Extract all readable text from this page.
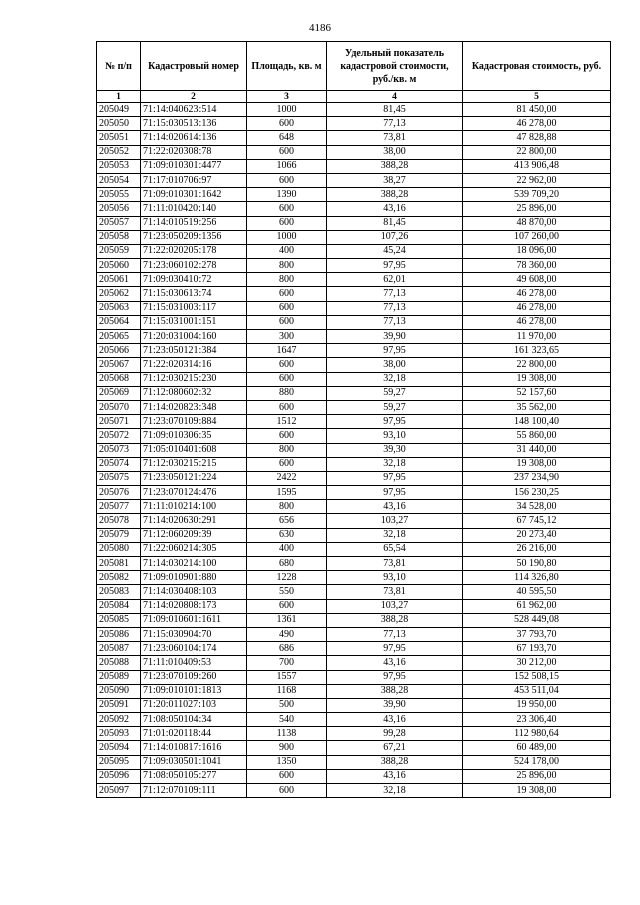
4186
№ п/п	Кадастровый номер	Площадь, кв. м	Удельный показатель кадастровой стоимости, руб./кв. м	Кадастровая стоимость, руб.
1	2	3	4	5
205049	71:14:040623:514	1000	81,45	81 450,00
205050	71:15:030513:136	600	77,13	46 278,00
205051	71:14:020614:136	648	73,81	47 828,88
205052	71:22:020308:78	600	38,00	22 800,00
205053	71:09:010301:4477	1066	388,28	413 906,48
205054	71:17:010706:97	600	38,27	22 962,00
205055	71:09:010301:1642	1390	388,28	539 709,20
205056	71:11:010420:140	600	43,16	25 896,00
205057	71:14:010519:256	600	81,45	48 870,00
205058	71:23:050209:1356	1000	107,26	107 260,00
205059	71:22:020205:178	400	45,24	18 096,00
205060	71:23:060102:278	800	97,95	78 360,00
205061	71:09:030410:72	800	62,01	49 608,00
205062	71:15:030613:74	600	77,13	46 278,00
205063	71:15:031003:117	600	77,13	46 278,00
205064	71:15:031001:151	600	77,13	46 278,00
205065	71:20:031004:160	300	39,90	11 970,00
205066	71:23:050121:384	1647	97,95	161 323,65
205067	71:22:020314:16	600	38,00	22 800,00
205068	71:12:030215:230	600	32,18	19 308,00
205069	71:12:080602:32	880	59,27	52 157,60
205070	71:14:020823:348	600	59,27	35 562,00
205071	71:23:070109:884	1512	97,95	148 100,40
205072	71:09:010306:35	600	93,10	55 860,00
205073	71:05:010401:608	800	39,30	31 440,00
205074	71:12:030215:215	600	32,18	19 308,00
205075	71:23:050121:224	2422	97,95	237 234,90
205076	71:23:070124:476	1595	97,95	156 230,25
205077	71:11:010214:100	800	43,16	34 528,00
205078	71:14:020630:291	656	103,27	67 745,12
205079	71:12:060209:39	630	32,18	20 273,40
205080	71:22:060214:305	400	65,54	26 216,00
205081	71:14:030214:100	680	73,81	50 190,80
205082	71:09:010901:880	1228	93,10	114 326,80
205083	71:14:030408:103	550	73,81	40 595,50
205084	71:14:020808:173	600	103,27	61 962,00
205085	71:09:010601:1611	1361	388,28	528 449,08
205086	71:15:030904:70	490	77,13	37 793,70
205087	71:23:060104:174	686	97,95	67 193,70
205088	71:11:010409:53	700	43,16	30 212,00
205089	71:23:070109:260	1557	97,95	152 508,15
205090	71:09:010101:1813	1168	388,28	453 511,04
205091	71:20:011027:103	500	39,90	19 950,00
205092	71:08:050104:34	540	43,16	23 306,40
205093	71:01:020118:44	1138	99,28	112 980,64
205094	71:14:010817:1616	900	67,21	60 489,00
205095	71:09:030501:1041	1350	388,28	524 178,00
205096	71:08:050105:277	600	43,16	25 896,00
205097	71:12:070109:111	600	32,18	19 308,00
